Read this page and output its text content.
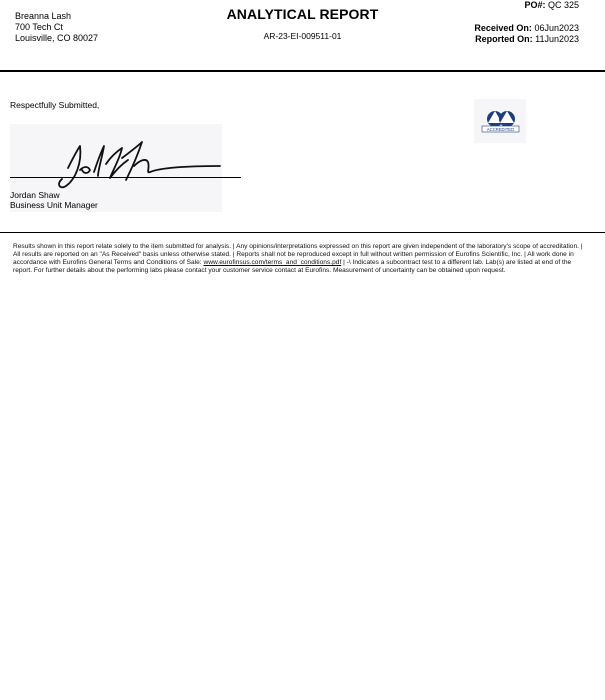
Breanna Lash
700 Tech Ct
Louisville, CO 80027
ANALYTICAL REPORT
AR-23-EI-009511-01
PO#: QC 325
Received On: 06Jun2023
Reported On: 11Jun2023
Respectfully Submitted,
Jordan Shaw
Business Unit Manager
ACCREDITED
Results shown in this report relate solely to the item submitted for analysis. | Any opinions/interpretations expressed on this report are given independent of the laboratory's scope of accreditation. | All results are reported on an "As Received" basis unless otherwise stated. | Reports shall not be reproduced except in full without written permission of Eurofins Scientific, Inc. | All work done in accordance with Eurofins General Terms and Conditions of Sale: www.eurofinsus.com/terms_and_conditions.pdf | -\ Indicates a subcontract test to a different lab. Lab(s) are listed at end of the report. For further details about the performing labs please contact your customer service contact at Eurofins. Measurement of uncertainty can be obtained upon request.
